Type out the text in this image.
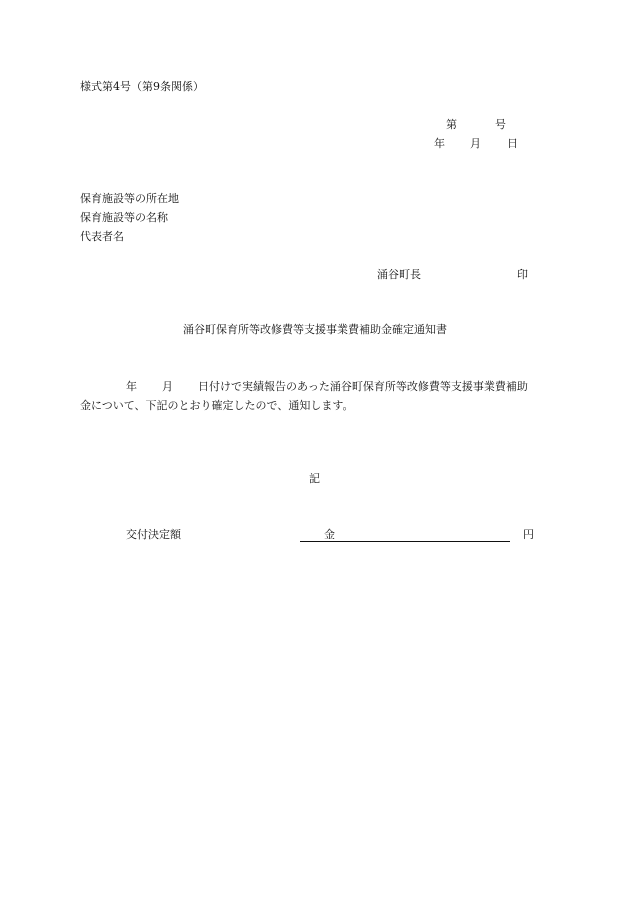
様式第4号（第9条関係）
第	号
年 月 日
保育施設等の所在地
保育施設等の名称
代表者名
涌谷町長	印
涌谷町保育所等改修費等支援事業費補助金確定通知書
年 月 日付けで実績報告のあった涌谷町保育所等改修費等支援事業費補助
金について、下記のとおり確定したので、通知します。
記
交付決定額	金	円
